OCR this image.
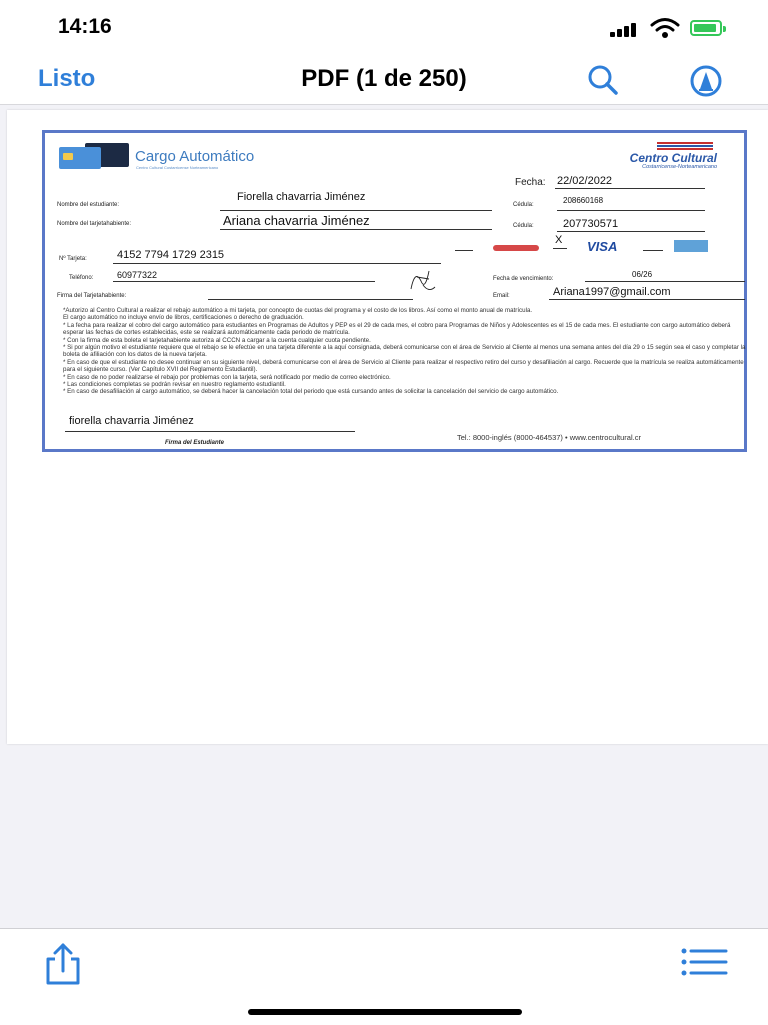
14:16
Listo	PDF (1 de 250)
Cargo Automático
Centro Cultural Costarricense Norteamericano
Centro Cultural
Costarricense-Norteamericano
Fecha: 22/02/2022
Nombre del estudiante:
Fiorella chavarria Jiménez
Cédula:	208660168
Nombre del tarjetahabiente:	Ariana chavarria Jiménez	Cédula:	207730571
X VISA
Nº Tarjeta:	4152 7794 1729 2315
Teléfono:	60977322	Fecha de vencimiento:	06/26
Firma del Tarjetahabiente:	Email:	Ariana1997@gmail.com

*Autorizo al Centro Cultural a realizar el rebajo automático a mi tarjeta, por concepto de cuotas del programa y el costo de los libros. Así como el monto anual de matrícula.

El cargo automático no incluye envío de libros, certificaciones o derecho de graduación.

* La fecha para realizar el cobro del cargo automático para estudiantes en Programas de Adultos y PEP es el 29 de cada mes, el cobro para Programas de Niños y Adolescentes es el 15 de cada mes. El estudiante con cargo automático deberá esperar las fechas de cortes establecidas, este se realizará automáticamente cada periodo de matrícula.

* Con la firma de esta boleta el tarjetahabiente autoriza al CCCN a cargar a la cuenta cualquier cuota pendiente.

* Si por algún motivo el estudiante requiere que el rebajo se le efectúe en una tarjeta diferente a la aquí consignada, deberá comunicarse con el área de Servicio al Cliente al menos una semana antes del día 29 o 15 según sea el caso y completar la boleta de afiliación con los datos de la nueva tarjeta.

* En caso de que el estudiante no desee continuar en su siguiente nivel, deberá comunicarse con el área de Servicio al Cliente para realizar el respectivo retiro del curso y desafiliación al cargo. Recuerde que la matrícula se realiza automáticamente para el siguiente curso. (Ver Capítulo XVII del Reglamento Estudiantil).

* En caso de no poder realizarse el rebajo por problemas con la tarjeta, será notificado por medio de correo electrónico.

* Las condiciones completas se podrán revisar en nuestro reglamento estudiantil.

* En caso de desafiliación al cargo automático, se deberá hacer la cancelación total del periodo que está cursando antes de solicitar la cancelación del servicio de cargo automático.

fiorella chavarria Jiménez
Firma del Estudiante
Tel.: 8000-inglés (8000-464537) • www.centrocultural.cr
